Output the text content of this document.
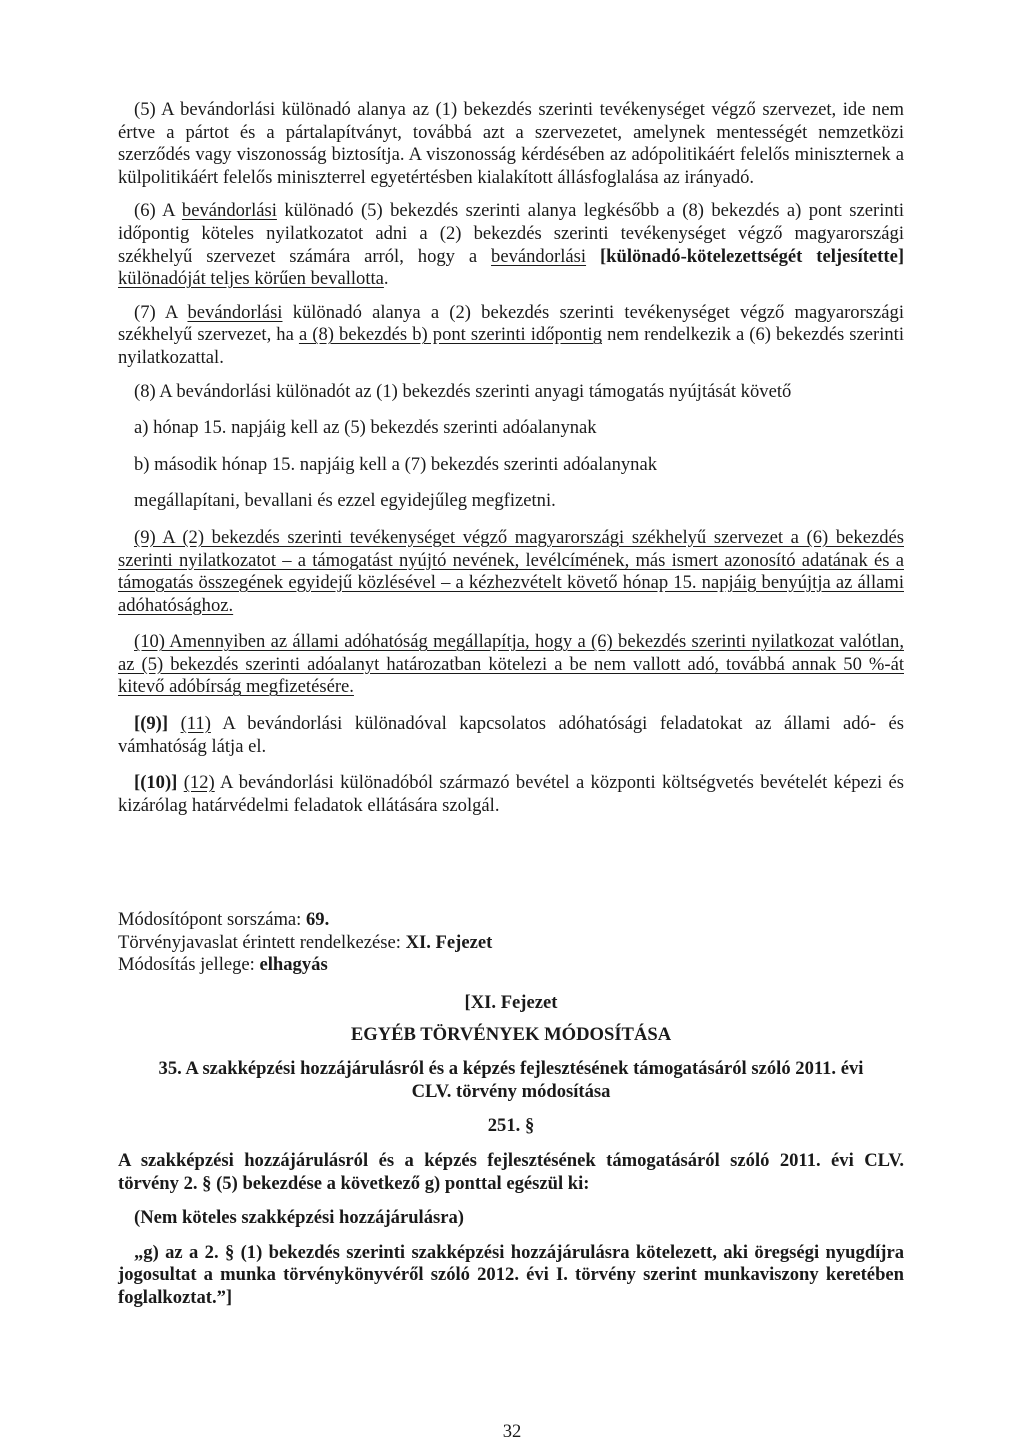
(5) A bevándorlási különadó alanya az (1) bekezdés szerinti tevékenységet végző szervezet, ide nem értve a pártot és a pártalapítványt, továbbá azt a szervezetet, amelynek mentességét nemzetközi szerződés vagy viszonosság biztosítja. A viszonosság kérdésében az adópolitikáért felelős miniszternek a külpolitikáért felelős miniszterrel egyetértésben kialakított állásfoglalása az irányadó.

(6) A bevándorlási különadó (5) bekezdés szerinti alanya legkésőbb a (8) bekezdés a) pont szerinti időpontig köteles nyilatkozatot adni a (2) bekezdés szerinti tevékenységet végző magyarországi székhelyű szervezet számára arról, hogy a bevándorlási [különadó-kötelezettségét teljesítette] különadóját teljes körűen bevallotta.

(7) A bevándorlási különadó alanya a (2) bekezdés szerinti tevékenységet végző magyarországi székhelyű szervezet, ha a (8) bekezdés b) pont szerinti időpontig nem rendelkezik a (6) bekezdés szerinti nyilatkozattal.

(8) A bevándorlási különadót az (1) bekezdés szerinti anyagi támogatás nyújtását követő

a) hónap 15. napjáig kell az (5) bekezdés szerinti adóalanynak

b) második hónap 15. napjáig kell a (7) bekezdés szerinti adóalanynak

megállapítani, bevallani és ezzel egyidejűleg megfizetni.

(9) A (2) bekezdés szerinti tevékenységet végző magyarországi székhelyű szervezet a (6) bekezdés szerinti nyilatkozatot – a támogatást nyújtó nevének, levélcímének, más ismert azonosító adatának és a támogatás összegének egyidejű közlésével – a kézhezvételt követő hónap 15. napjáig benyújtja az állami adóhatósághoz.

(10) Amennyiben az állami adóhatóság megállapítja, hogy a (6) bekezdés szerinti nyilatkozat valótlan, az (5) bekezdés szerinti adóalanyt határozatban kötelezi a be nem vallott adó, továbbá annak 50 %-át kitevő adóbírság megfizetésére.

[(9)] (11) A bevándorlási különadóval kapcsolatos adóhatósági feladatokat az állami adó- és vámhatóság látja el.

[(10)] (12) A bevándorlási különadóból származó bevétel a központi költségvetés bevételét képezi és kizárólag határvédelmi feladatok ellátására szolgál.

Módosítópont sorszáma: 69.
Törvényjavaslat érintett rendelkezése: XI. Fejezet
Módosítás jellege: elhagyás
[XI. Fejezet
EGYÉB TÖRVÉNYEK MÓDOSÍTÁSA
35. A szakképzési hozzájárulásról és a képzés fejlesztésének támogatásáról szóló 2011. évi CLV. törvény módosítása
251. §

A szakképzési hozzájárulásról és a képzés fejlesztésének támogatásáról szóló 2011. évi CLV. törvény 2. § (5) bekezdése a következő g) ponttal egészül ki:

(Nem köteles szakképzési hozzájárulásra)

„g) az a 2. § (1) bekezdés szerinti szakképzési hozzájárulásra kötelezett, aki öregségi nyugdíjra jogosultat a munka törvénykönyvéről szóló 2012. évi I. törvény szerint munkaviszony keretében foglalkoztat.”]

32
